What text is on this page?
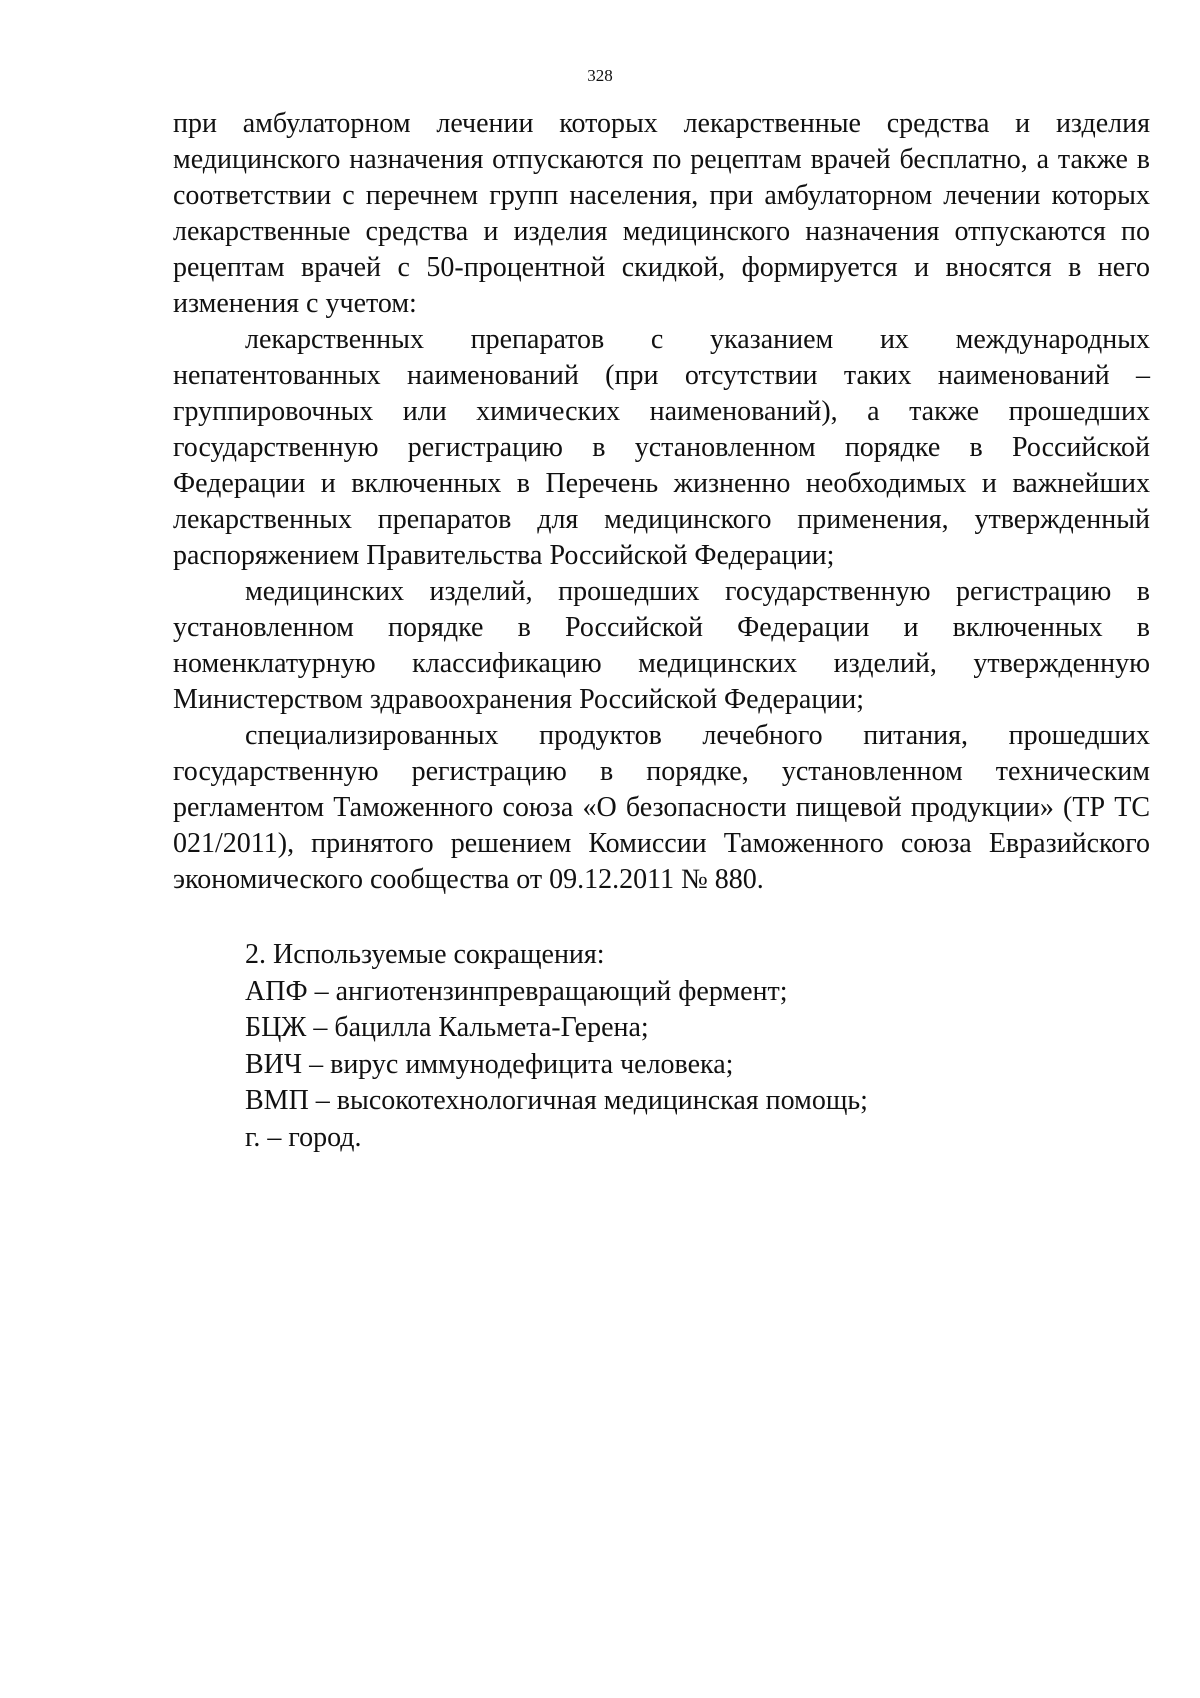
328

при амбулаторном лечении которых лекарственные средства и изделия медицинского назначения отпускаются по рецептам врачей бесплатно, а также в соответствии с перечнем групп населения, при амбулаторном лечении которых лекарственные средства и изделия медицинского назначения отпускаются по рецептам врачей с 50-процентной скидкой, формируется и вносятся в него изменения с учетом:

лекарственных препаратов с указанием их международных непатентованных наименований (при отсутствии таких наименований – группировочных или химических наименований), а также прошедших государственную регистрацию в установленном порядке в Российской Федерации и включенных в Перечень жизненно необходимых и важнейших лекарственных препаратов для медицинского применения, утвержденный распоряжением Правительства Российской Федерации;

медицинских изделий, прошедших государственную регистрацию в установленном порядке в Российской Федерации и включенных в номенклатурную классификацию медицинских изделий, утвержденную Министерством здравоохранения Российской Федерации;

специализированных продуктов лечебного питания, прошедших государственную регистрацию в порядке, установленном техническим регламентом Таможенного союза «О безопасности пищевой продукции» (ТР ТС 021/2011), принятого решением Комиссии Таможенного союза Евразийского экономического сообщества от 09.12.2011 № 880.

2. Используемые сокращения:

АПФ – ангиотензинпревращающий фермент;

БЦЖ – бацилла Кальмета-Герена;

ВИЧ – вирус иммунодефицита человека;

ВМП – высокотехнологичная медицинская помощь;

г. – город.
